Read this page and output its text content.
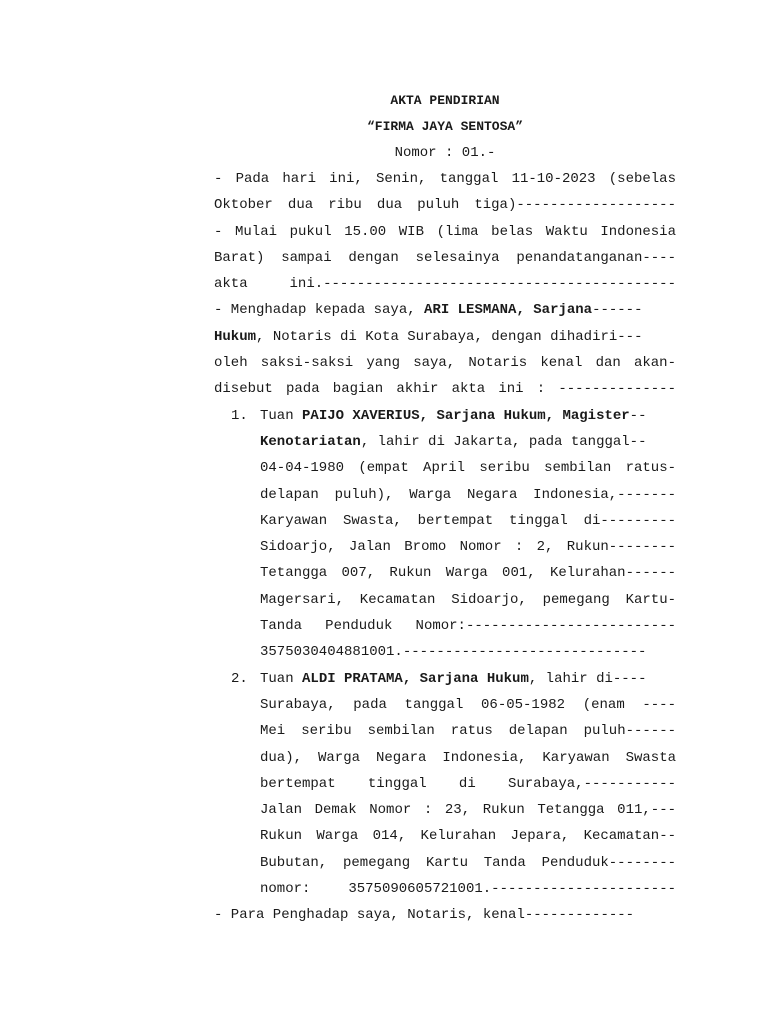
AKTA PENDIRIAN
“FIRMA JAYA SENTOSA”
Nomor : 01.-
- Pada hari ini, Senin, tanggal 11-10-2023 (sebelas
Oktober dua ribu dua puluh tiga)-------------------
- Mulai pukul 15.00 WIB (lima belas Waktu Indonesia
Barat) sampai dengan selesainya penandatanganan----
akta ini.------------------------------------------
- Menghadap kepada saya, ARI LESMANA, Sarjana------
Hukum, Notaris di Kota Surabaya, dengan dihadiri---
oleh saksi-saksi yang saya, Notaris kenal dan akan-
disebut pada bagian akhir akta ini : --------------
1. Tuan PAIJO XAVERIUS, Sarjana Hukum, Magister--
Kenotariatan, lahir di Jakarta, pada tanggal--
04-04-1980 (empat April seribu sembilan ratus-
delapan puluh), Warga Negara Indonesia,-------
Karyawan Swasta, bertempat tinggal di---------
Sidoarjo, Jalan Bromo Nomor : 2, Rukun--------
Tetangga 007, Rukun Warga 001, Kelurahan------
Magersari, Kecamatan Sidoarjo, pemegang Kartu-
Tanda Penduduk Nomor:-------------------------
3575030404881001.-----------------------------
2. Tuan ALDI PRATAMA, Sarjana Hukum, lahir di----
Surabaya, pada tanggal 06-05-1982 (enam ----
Mei seribu sembilan ratus delapan puluh------
dua), Warga Negara Indonesia, Karyawan Swasta
bertempat tinggal di Surabaya,-----------
Jalan Demak Nomor : 23, Rukun Tetangga 011,---
Rukun Warga 014, Kelurahan Jepara, Kecamatan--
Bubutan, pemegang Kartu Tanda Penduduk--------
nomor: 3575090605721001.----------------------
- Para Penghadap saya, Notaris, kenal-------------
